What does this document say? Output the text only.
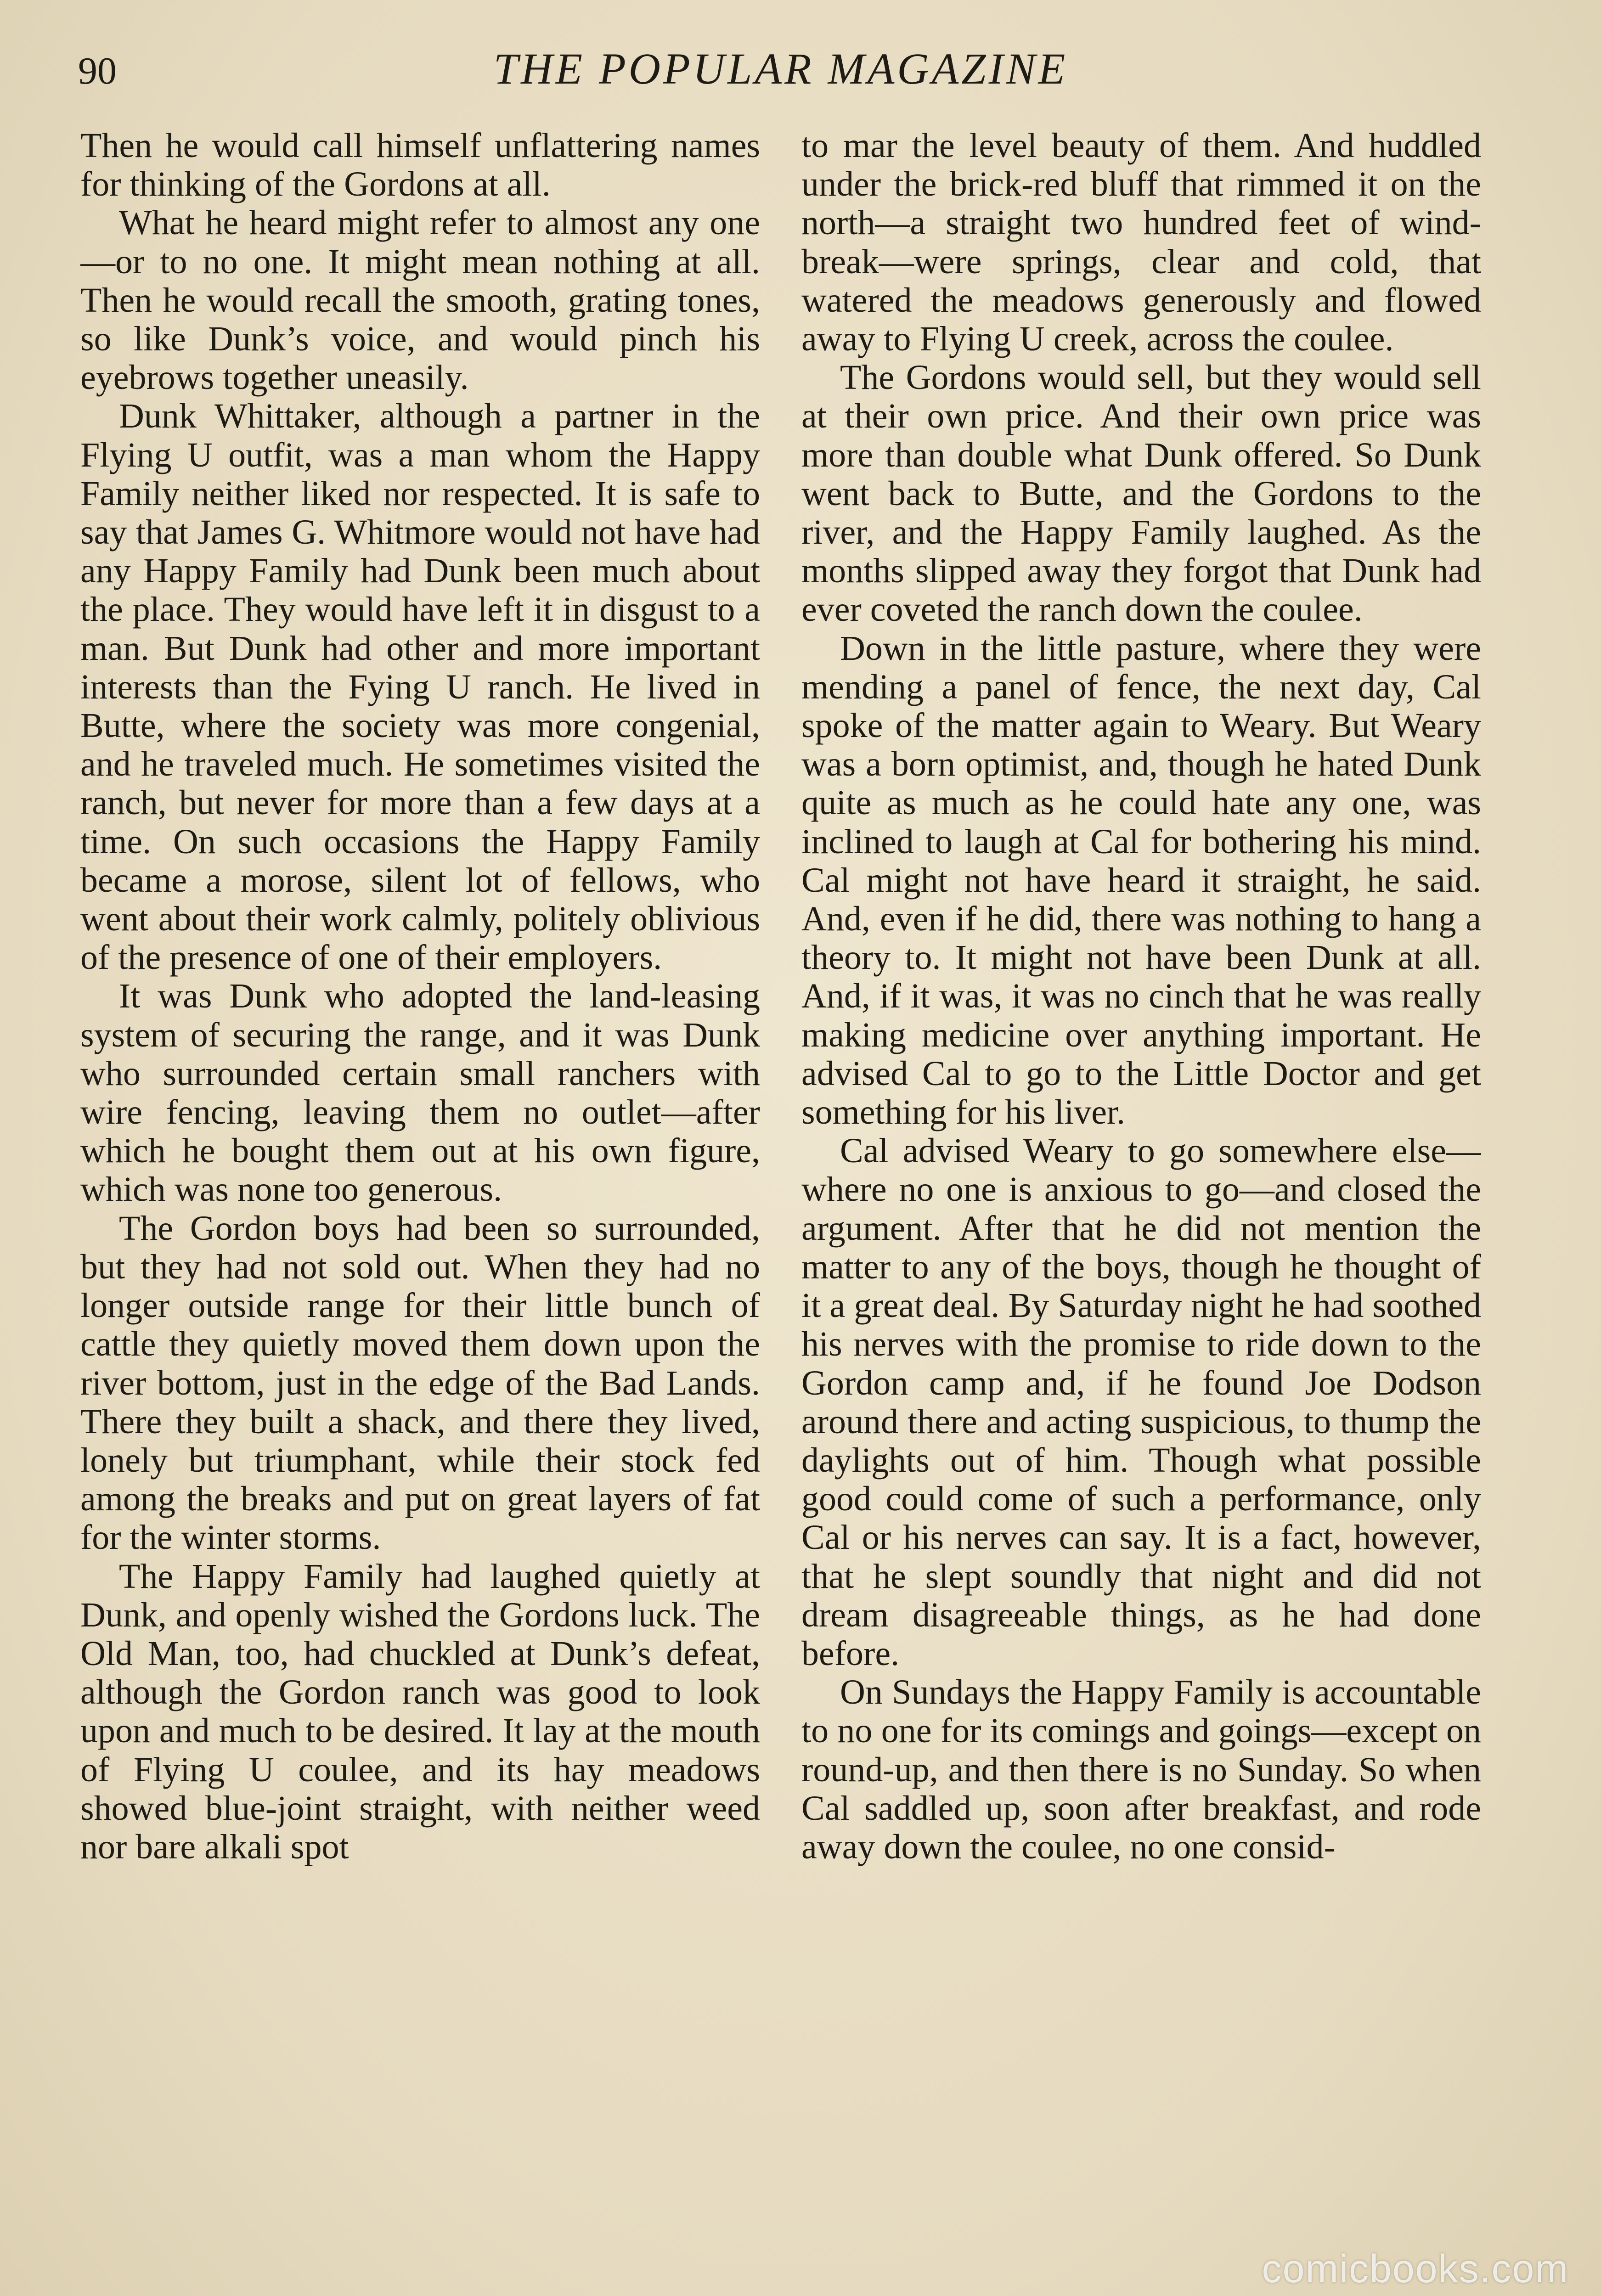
90	THE POPULAR MAGAZINE

Then he would call himself unflattering names for thinking of the Gordons at all.

What he heard might refer to almost any one—or to no one. It might mean nothing at all. Then he would recall the smooth, grating tones, so like Dunk’s voice, and would pinch his eyebrows together uneasily.

Dunk Whittaker, although a partner in the Flying U outfit, was a man whom the Happy Family neither liked nor respected. It is safe to say that James G. Whitmore would not have had any Happy Family had Dunk been much about the place. They would have left it in disgust to a man. But Dunk had other and more important interests than the Fying U ranch. He lived in Butte, where the society was more congenial, and he traveled much. He sometimes visited the ranch, but never for more than a few days at a time. On such occasions the Happy Family became a morose, silent lot of fellows, who went about their work calmly, politely oblivious of the presence of one of their employers.

It was Dunk who adopted the land-leasing system of securing the range, and it was Dunk who surrounded certain small ranchers with wire fencing, leaving them no outlet—after which he bought them out at his own figure, which was none too generous.

The Gordon boys had been so surrounded, but they had not sold out. When they had no longer outside range for their little bunch of cattle they quietly moved them down upon the river bottom, just in the edge of the Bad Lands. There they built a shack, and there they lived, lonely but triumphant, while their stock fed among the breaks and put on great layers of fat for the winter storms.

The Happy Family had laughed quietly at Dunk, and openly wished the Gordons luck. The Old Man, too, had chuckled at Dunk’s defeat, although the Gordon ranch was good to look upon and much to be desired. It lay at the mouth of Flying U coulee, and its hay meadows showed blue-joint straight, with neither weed nor bare alkali spot

to mar the level beauty of them. And huddled under the brick-red bluff that rimmed it on the north—a straight two hundred feet of wind-break—were springs, clear and cold, that watered the meadows generously and flowed away to Flying U creek, across the coulee.

The Gordons would sell, but they would sell at their own price. And their own price was more than double what Dunk offered. So Dunk went back to Butte, and the Gordons to the river, and the Happy Family laughed. As the months slipped away they forgot that Dunk had ever coveted the ranch down the coulee.

Down in the little pasture, where they were mending a panel of fence, the next day, Cal spoke of the matter again to Weary. But Weary was a born optimist, and, though he hated Dunk quite as much as he could hate any one, was inclined to laugh at Cal for bothering his mind. Cal might not have heard it straight, he said. And, even if he did, there was nothing to hang a theory to. It might not have been Dunk at all. And, if it was, it was no cinch that he was really making medicine over anything important. He advised Cal to go to the Little Doctor and get something for his liver.

Cal advised Weary to go somewhere else—where no one is anxious to go—and closed the argument. After that he did not mention the matter to any of the boys, though he thought of it a great deal. By Saturday night he had soothed his nerves with the promise to ride down to the Gordon camp and, if he found Joe Dodson around there and acting suspicious, to thump the daylights out of him. Though what possible good could come of such a performance, only Cal or his nerves can say. It is a fact, however, that he slept soundly that night and did not dream disagreeable things, as he had done before.

On Sundays the Happy Family is accountable to no one for its comings and goings—except on round-up, and then there is no Sunday. So when Cal saddled up, soon after breakfast, and rode away down the coulee, no one consid-

comicbooks.com
